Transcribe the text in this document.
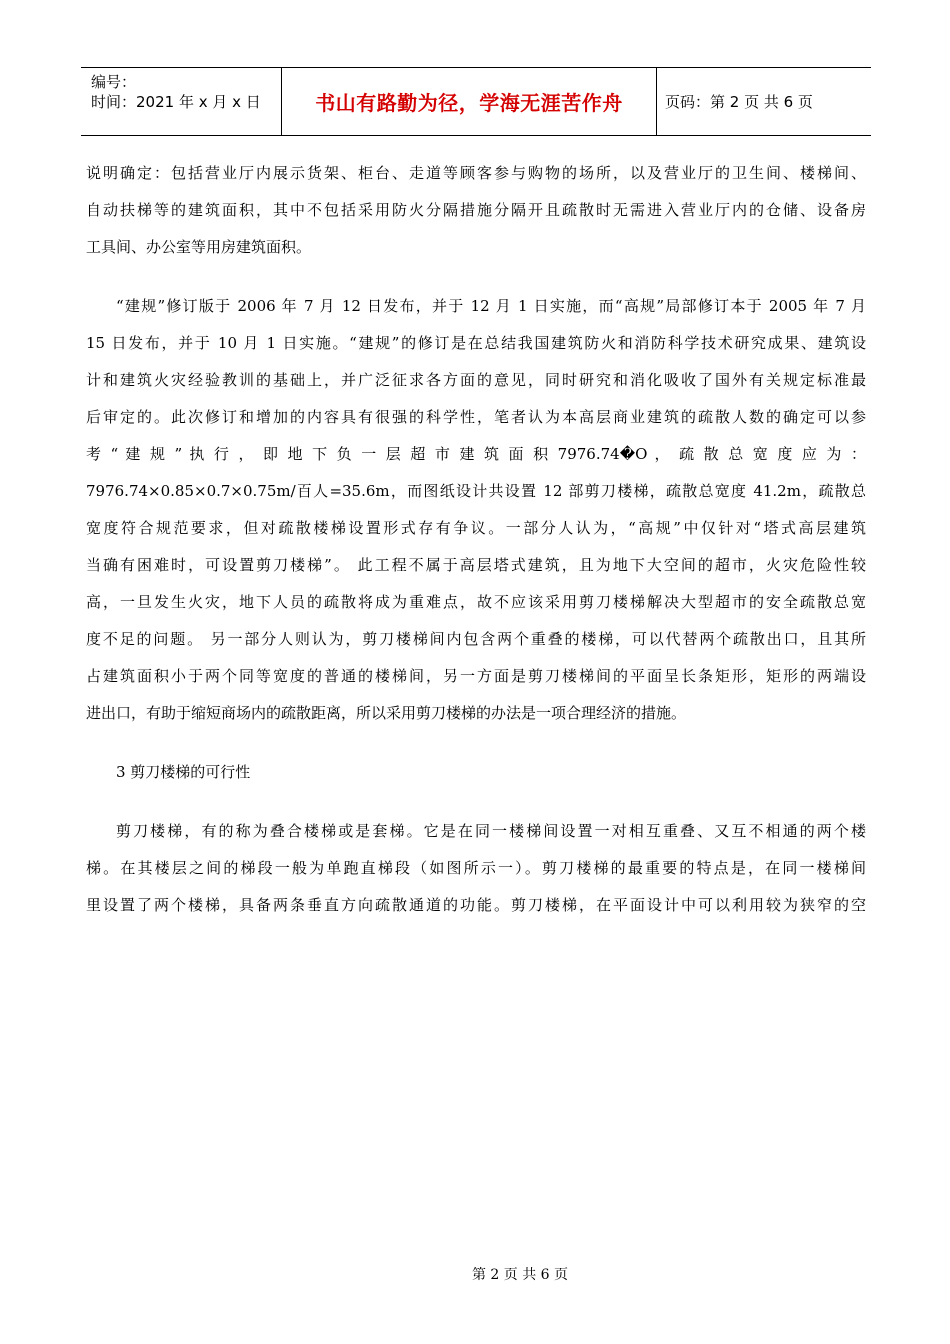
编号：
时间：2021 年 x 月 x 日	书山有路勤为径，学海无涯苦作舟	页码：第 2 页 共 6 页
说明确定：包括营业厅内展示货架、柜台、走道等顾客参与购物的场所，以及营业厅的卫生间、楼梯间、
自动扶梯等的建筑面积，其中不包括采用防火分隔措施分隔开且疏散时无需进入营业厅内的仓储、设备房
工具间、办公室等用房建筑面积。
“建规”修订版于 2006 年 7 月 12 日发布，并于 12 月 1 日实施，而“高规”局部修订本于 2005 年 7 月
15 日发布，并于 10 月 1 日实施。“建规”的修订是在总结我国建筑防火和消防科学技术研究成果、建筑设
计和建筑火灾经验教训的基础上，并广泛征求各方面的意见，同时研究和消化吸收了国外有关规定标准最
后审定的。此次修订和增加的内容具有很强的科学性，笔者认为本高层商业建筑的疏散人数的确定可以参
考 “ 建 规 ” 执 行 ， 即 地 下 负 一 层 超 市 建 筑 面 积 7976.74�O ， 疏 散 总 宽 度 应 为 ：
7976.74×0.85×0.7×0.75m/百人=35.6m，而图纸设计共设置 12 部剪刀楼梯，疏散总宽度 41.2m，疏散总
宽度符合规范要求，但对疏散楼梯设置形式存有争议。一部分人认为，“高规”中仅针对“塔式高层建筑
当确有困难时，可设置剪刀楼梯”。 此工程不属于高层塔式建筑，且为地下大空间的超市，火灾危险性较
高，一旦发生火灾，地下人员的疏散将成为重难点，故不应该采用剪刀楼梯解决大型超市的安全疏散总宽
度不足的问题。 另一部分人则认为，剪刀楼梯间内包含两个重叠的楼梯，可以代替两个疏散出口，且其所
占建筑面积小于两个同等宽度的普通的楼梯间，另一方面是剪刀楼梯间的平面呈长条矩形，矩形的两端设
进出口，有助于缩短商场内的疏散距离，所以采用剪刀楼梯的办法是一项合理经济的措施。
3 剪刀楼梯的可行性
剪刀楼梯，有的称为叠合楼梯或是套梯。它是在同一楼梯间设置一对相互重叠、又互不相通的两个楼
梯。在其楼层之间的梯段一般为单跑直梯段（如图所示一）。剪刀楼梯的最重要的特点是，在同一楼梯间
里设置了两个楼梯，具备两条垂直方向疏散通道的功能。剪刀楼梯，在平面设计中可以利用较为狭窄的空
第 2 页 共 6 页
